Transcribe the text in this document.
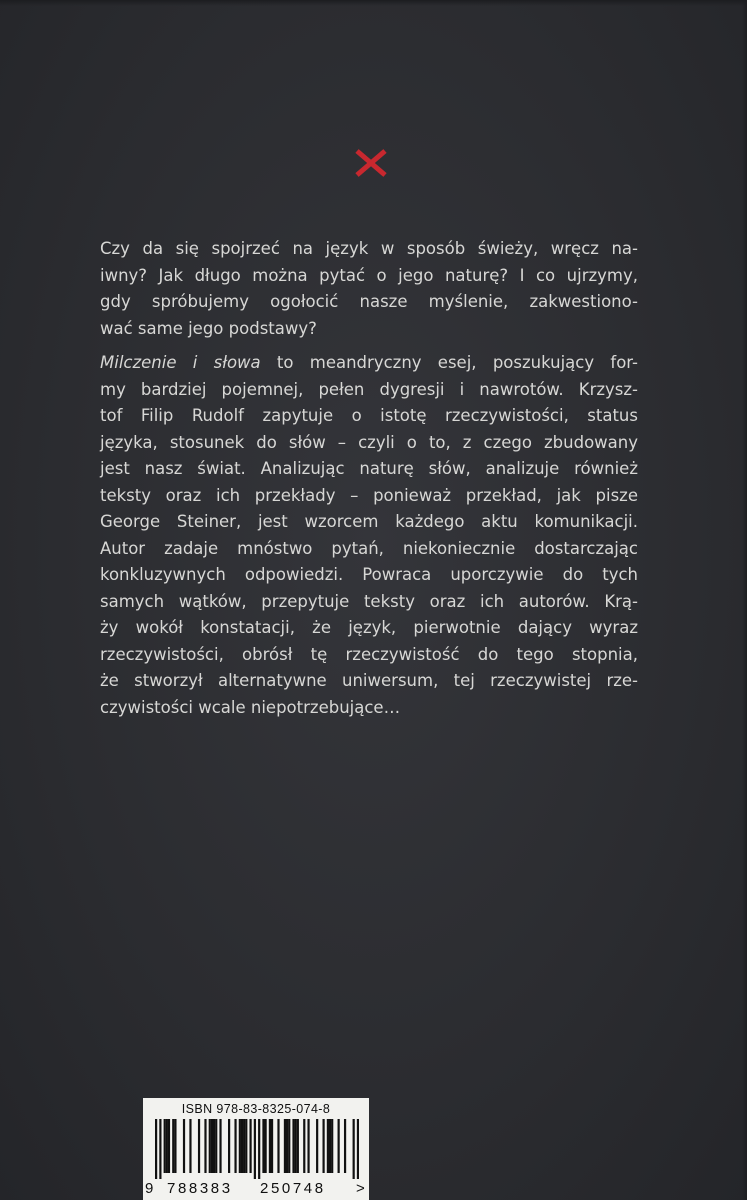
Czy da się spojrzeć na język w sposób świeży, wręcz na-
iwny? Jak długo można pytać o jego naturę? I co ujrzymy,
gdy spróbujemy ogołocić nasze myślenie, zakwestiono-
wać same jego podstawy?
Milczenie i słowa to meandryczny esej, poszukujący for-
my bardziej pojemnej, pełen dygresji i nawrotów. Krzysz-
tof Filip Rudolf zapytuje o istotę rzeczywistości, status
języka, stosunek do słów – czyli o to, z czego zbudowany
jest nasz świat. Analizując naturę słów, analizuje również
teksty oraz ich przekłady – ponieważ przekład, jak pisze
George Steiner, jest wzorcem każdego aktu komunikacji.
Autor zadaje mnóstwo pytań, niekoniecznie dostarczając
konkluzywnych odpowiedzi. Powraca uporczywie do tych
samych wątków, przepytuje teksty oraz ich autorów. Krą-
ży wokół konstatacji, że język, pierwotnie dający wyraz
rzeczywistości, obrósł tę rzeczywistość do tego stopnia,
że stworzył alternatywne uniwersum, tej rzeczywistej rze-
czywistości wcale niepotrzebujące…
ISBN 978-83-8325-074-8
9 788383 250748 >
